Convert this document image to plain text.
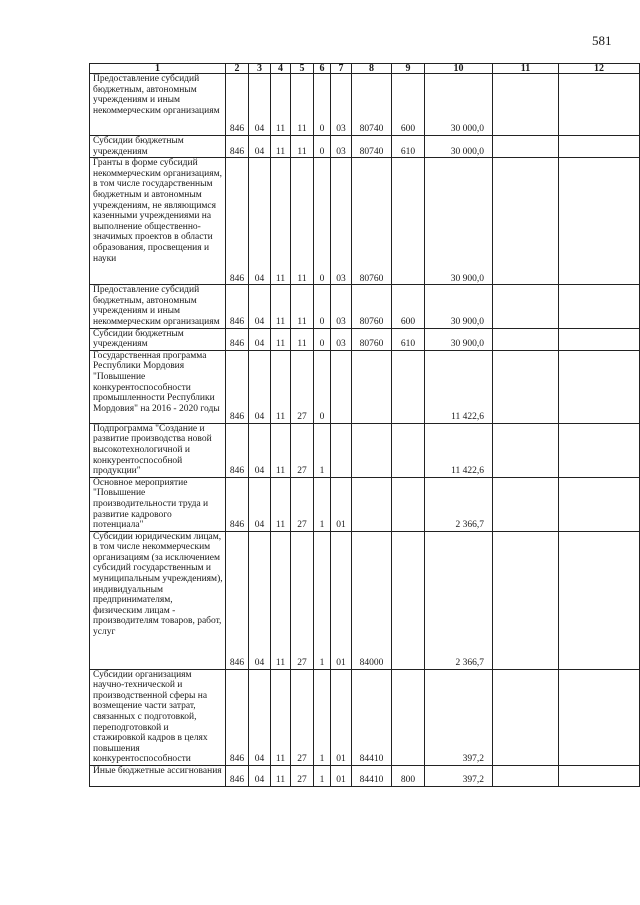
581
1	2	3	4	5	6	7	8	9	10	11	12

Предоставление субсидий бюджетным, автономным учреждениям и иным некоммерческим организациям	846	04	11	11	0	03	80740	600	30 000,0		

Субсидии бюджетным учреждениям	846	04	11	11	0	03	80740	610	30 000,0		

Гранты в форме субсидий некоммерческим организациям, в том числе государственным бюджетным и автономным учреждениям, не являющимся казенными учреждениями на выполнение общественно-значимых проектов в области образования, просвещения и науки	846	04	11	11	0	03	80760		30 900,0		

Предоставление субсидий бюджетным, автономным учреждениям и иным некоммерческим организациям	846	04	11	11	0	03	80760	600	30 900,0		

Субсидии бюджетным учреждениям	846	04	11	11	0	03	80760	610	30 900,0		

Государственная программа Республики Мордовия "Повышение конкурентоспособности промышленности Республики Мордовия" на 2016 - 2020 годы	846	04	11	27	0				11 422,6		

Подпрограмма "Создание и развитие производства новой высокотехнологичной и конкурентоспособной продукции"	846	04	11	27	1				11 422,6		

Основное мероприятие "Повышение производительности труда и развитие кадрового потенциала"	846	04	11	27	1	01			2 366,7		

Субсидии юридическим лицам, в том числе некоммерческим организациям (за исключением субсидий государственным и муниципальным учреждениям), индивидуальным предпринимателям, физическим лицам - производителям товаров, работ, услуг	846	04	11	27	1	01	84000		2 366,7		

Субсидии организациям научно-технической и производственной сферы на возмещение части затрат, связанных с подготовкой, переподготовкой и стажировкой кадров в целях повышения конкурентоспособности	846	04	11	27	1	01	84410		397,2		

Иные бюджетные ассигнования	846	04	11	27	1	01	84410	800	397,2		
